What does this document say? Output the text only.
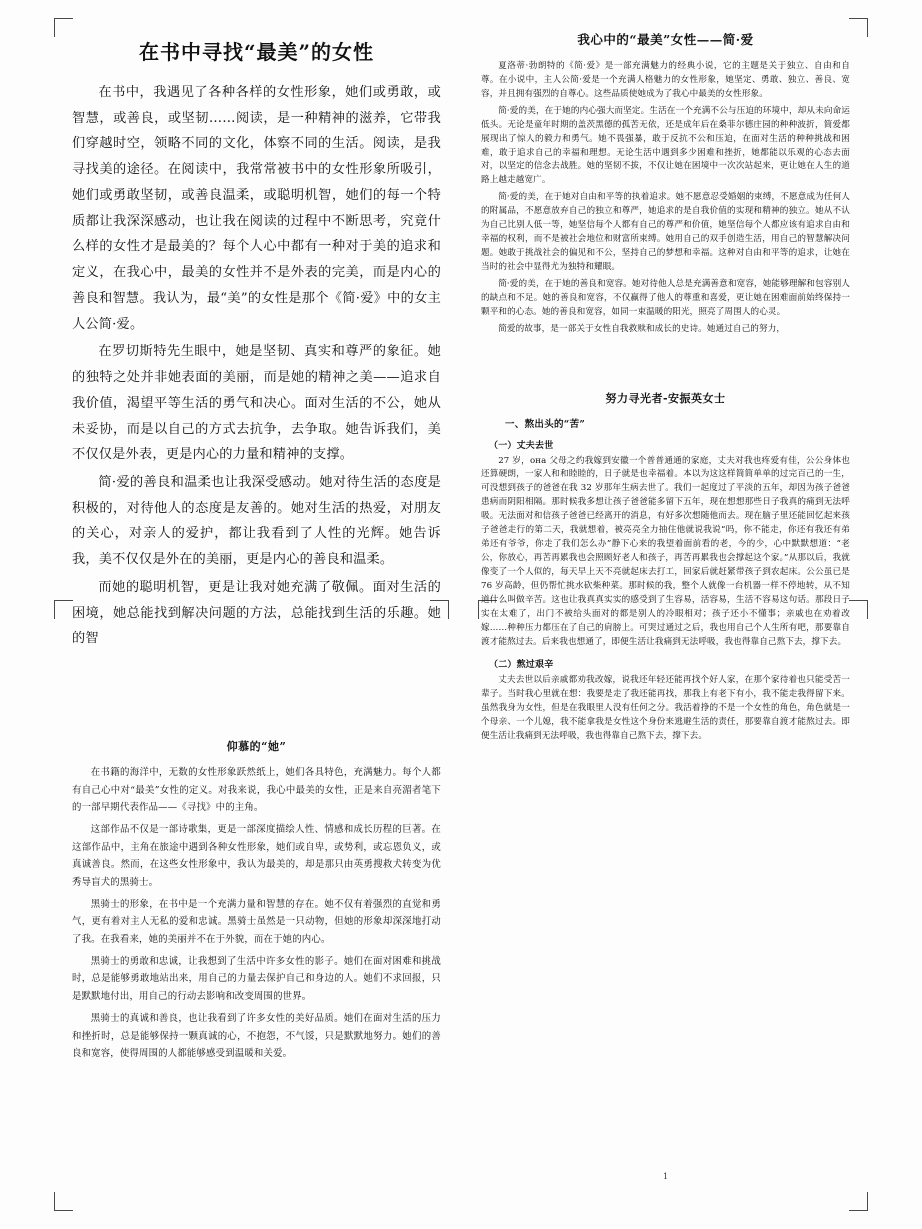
在书中寻找“最美”的女性

在书中，我遇见了各种各样的女性形象，她们或勇敢，或智慧，或善良，或坚韧……阅读，是一种精神的滋养，它带我们穿越时空，领略不同的文化，体察不同的生活。阅读，是我寻找美的途径。在阅读中，我常常被书中的女性形象所吸引，她们或勇敢坚韧，或善良温柔，或聪明机智，她们的每一个特质都让我深深感动，也让我在阅读的过程中不断思考，究竟什么样的女性才是最美的？每个人心中都有一种对于美的追求和定义，在我心中，最美的女性并不是外表的完美，而是内心的善良和智慧。我认为，最“美”的女性是那个《简·爱》中的女主人公简·爱。

在罗切斯特先生眼中，她是坚韧、真实和尊严的象征。她的独特之处并非她表面的美丽，而是她的精神之美——追求自我价值，渴望平等生活的勇气和决心。面对生活的不公，她从未妥协，而是以自己的方式去抗争，去争取。她告诉我们，美不仅仅是外表，更是内心的力量和精神的支撑。

简·爱的善良和温柔也让我深受感动。她对待生活的态度是积极的，对待他人的态度是友善的。她对生活的热爱，对朋友的关心，对亲人的爱护，都让我看到了人性的光辉。她告诉我，美不仅仅是外在的美丽，更是内心的善良和温柔。

而她的聪明机智，更是让我对她充满了敬佩。面对生活的困境，她总能找到解决问题的方法，总能找到生活的乐趣。她的智

仰慕的“她”

在书籍的海洋中，无数的女性形象跃然纸上，她们各具特色，充满魅力。每个人都有自己心中对“最美”女性的定义。对我来说，我心中最美的女性，正是来自亮湄者笔下的一部早期代表作品——《寻找》中的主角。

这部作品不仅是一部诗歌集，更是一部深度描绘人性、情感和成长历程的巨著。在这部作品中，主角在旅途中遇到各种女性形象，她们或自卑，或势利，或忘恩负义，或真诚善良。然而，在这些女性形象中，我认为最美的，却是那只由英勇搜救犬转变为优秀导盲犬的黑骑士。

黑骑士的形象，在书中是一个充满力量和智慧的存在。她不仅有着强烈的直觉和勇气，更有着对主人无私的爱和忠诚。黑骑士虽然是一只动物，但她的形象却深深地打动了我。在我看来，她的美丽并不在于外貌，而在于她的内心。

黑骑士的勇敢和忠诚，让我想到了生活中许多女性的影子。她们在面对困难和挑战时，总是能够勇敢地站出来，用自己的力量去保护自己和身边的人。她们不求回报，只是默默地付出，用自己的行动去影响和改变周围的世界。

黑骑士的真诚和善良，也让我看到了许多女性的美好品质。她们在面对生活的压力和挫折时，总是能够保持一颗真诚的心，不抱怨，不气馁，只是默默地努力。她们的善良和宽容，使得周围的人都能够感受到温暖和关爱。

我心中的“最美”女性——简·爱

夏洛蒂·勃朗特的《简·爱》是一部充满魅力的经典小说，它的主题是关于独立、自由和自尊。在小说中，主人公简·爱是一个充满人格魅力的女性形象，她坚定、勇敢、独立、善良、宽容，并且拥有强烈的自尊心。这些品质使她成为了我心中最美的女性形象。

简·爱的美，在于她的内心强大而坚定。生活在一个充满不公与压迫的环境中，却从未向命运低头。无论是童年时期的盖茨黑德的孤苦无依，还是成年后在桑菲尔德庄园的种种波折，简爱都展现出了惊人的毅力和勇气。她不畏强暴，敢于反抗不公和压迫，在面对生活的种种挑战和困难，敢于追求自己的幸福和理想。无论生活中遇到多少困难和挫折，她都能以乐观的心态去面对，以坚定的信念去战胜。她的坚韧不拔，不仅让她在困境中一次次站起来，更让她在人生的道路上越走越宽广。

简·爱的美，在于她对自由和平等的执着追求。她不愿意忍受婚姻的束缚，不愿意成为任何人的附属品，不愿意放弃自己的独立和尊严，她追求的是自我价值的实现和精神的独立。她从不认为自己比别人低一等，她坚信每个人都有自己的尊严和价值，她坚信每个人都应该有追求自由和幸福的权利，而不是被社会地位和财富所束缚。她用自己的双手创造生活，用自己的智慧解决问题。她敢于挑战社会的偏见和不公，坚持自己的梦想和幸福。这种对自由和平等的追求，让她在当时的社会中显得尤为独特和耀眼。

简·爱的美，在于她的善良和宽容。她对待他人总是充满善意和宽容，她能够理解和包容别人的缺点和不足。她的善良和宽容，不仅赢得了他人的尊重和喜爱，更让她在困难面前始终保持一颗平和的心态。她的善良和宽容，如同一束温暖的阳光，照亮了周围人的心灵。

简爱的故事，是一部关于女性自我救赎和成长的史诗。她通过自己的努力，

努力寻光者-安振英女士
一、熬出头的“苦”
（一）丈夫去世

27 岁，она 父母之约我嫁到安徽一个普普通通的家庭，丈夫对我也疼爱有佳，公公身体也还算硬朗，一家人和和睦睦的，日子就是也幸福着。本以为这这样简简单单的过完百己的一生，可没想到孩子的爸爸在我 32 岁那年生病去世了。我们一起度过了平淡的五年，却因为孩子爸爸患病而阴阳相隔。那时候我多想让孩子爸爸能多留下五年，现在想想那些日子我真的痛到无法呼吸。无法面对和信孩子爸爸已经离开的消息，有好多次想随他而去。现在脑子里还能回忆起来孩子爸爸走行的第二天，我就想着，被亮亮全力抽住他就说我说“吗，你不能走，你还有我还有弟弟还有爷爷，你走了我们怎么办”静下心来的我望着面前看的老，今的少，心中默默想道：“老公，你放心，再苦再累我也会照顾好老人和孩子，再苦再累我也会撑起这个家。”从那以后，我就像变了一个人似的，每天早上天不亮就起床去打工，回家后就赶紧带孩子到农起床。公公虽已是 76 岁高龄，但仍帮忙挑水砍柴种菜。那时候的我，整个人就像一台机器一样不停地转，从不知道什么叫做辛苦。这也让我真真实实的感受到了生容易，活容易，生活不容易这句话。那段日子实在太难了，出门不被给头面对的都是别人的冷眼相对；孩子还小不懂事；亲戚也在劝着改嫁……种种压力都压在了自己的肩膀上。可哭过通过之后，我也用自己个人生所有吧，那要靠自渡才能熬过去。后来我也想通了，即便生活让我痛到无法呼吸，我也得靠自己熬下去，撑下去。

（二）熬过艰辛

丈夫去世以后亲戚都劝我改嫁，说我还年轻还能再找个好人家，在那个家待着也只能受苦一辈子。当时我心里就在想：我要是走了我还能再找，那我上有老下有小，我不能走我得留下来。虽然我身为女性，但是在我眼里人没有任何之分。我活着挣的不是一个女性的角色，角色就是一个母亲、一个儿媳，我不能拿我是女性这个身份来逃避生活的责任，那要靠自渡才能熬过去。即便生活让我痛到无法呼吸，我也得靠自己熬下去，撑下去。

1
